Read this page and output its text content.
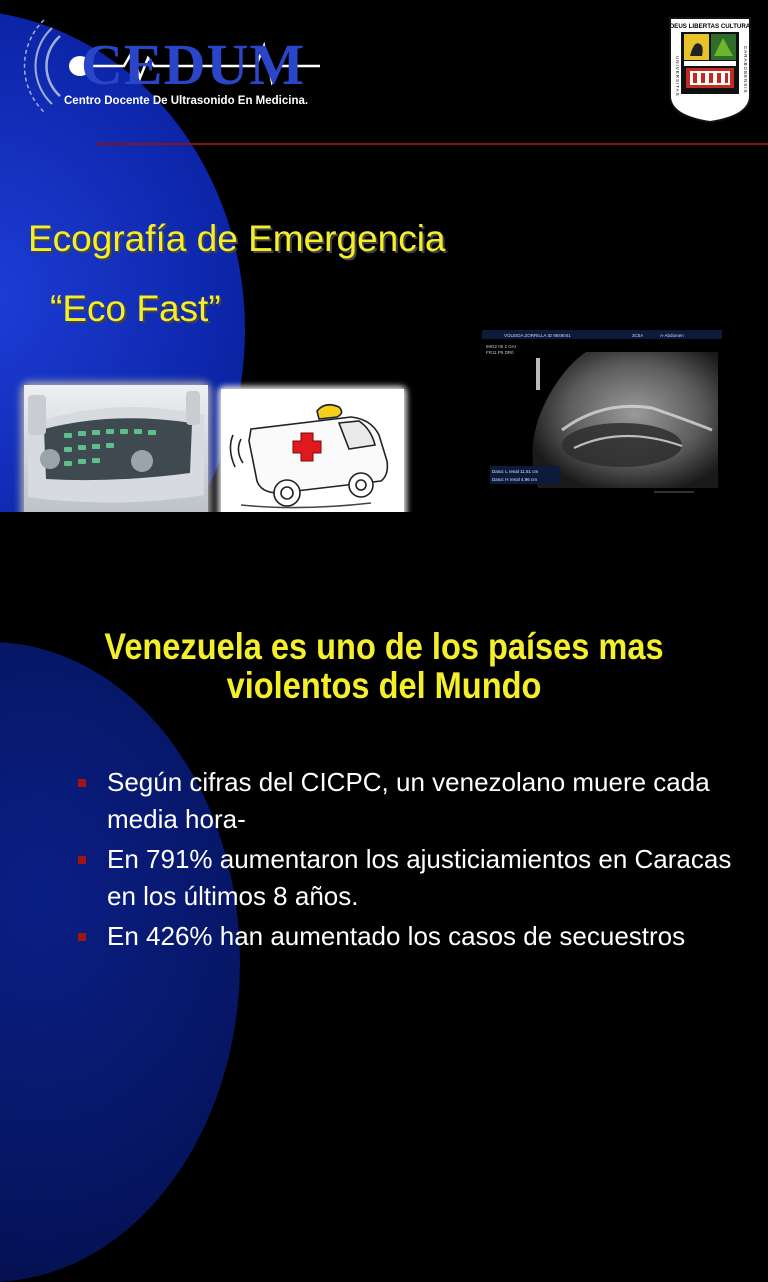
CEDUM
Centro Docente De Ultrasonido En Medicina.
DEUS LIBERTAS CULTURA
UNIVERSITAS	CARABOBENSIS
Ecografía de Emergencia
“Eco Fast”
VOLEIDA ZORRILLA ID 9849041	3C5A	A-Abdomen
IMG2 IIII 2 GAI
FR11 P5 DR0
Dana: L renal 11.51 cm
Dana: H renal 4.96 cm
Venezuela es uno de los países mas violentos del Mundo
Según cifras del CICPC, un venezolano muere cada media hora-
En 791% aumentaron los ajusticiamientos en Caracas en los últimos 8 años.
En 426% han aumentado los casos de secuestros
